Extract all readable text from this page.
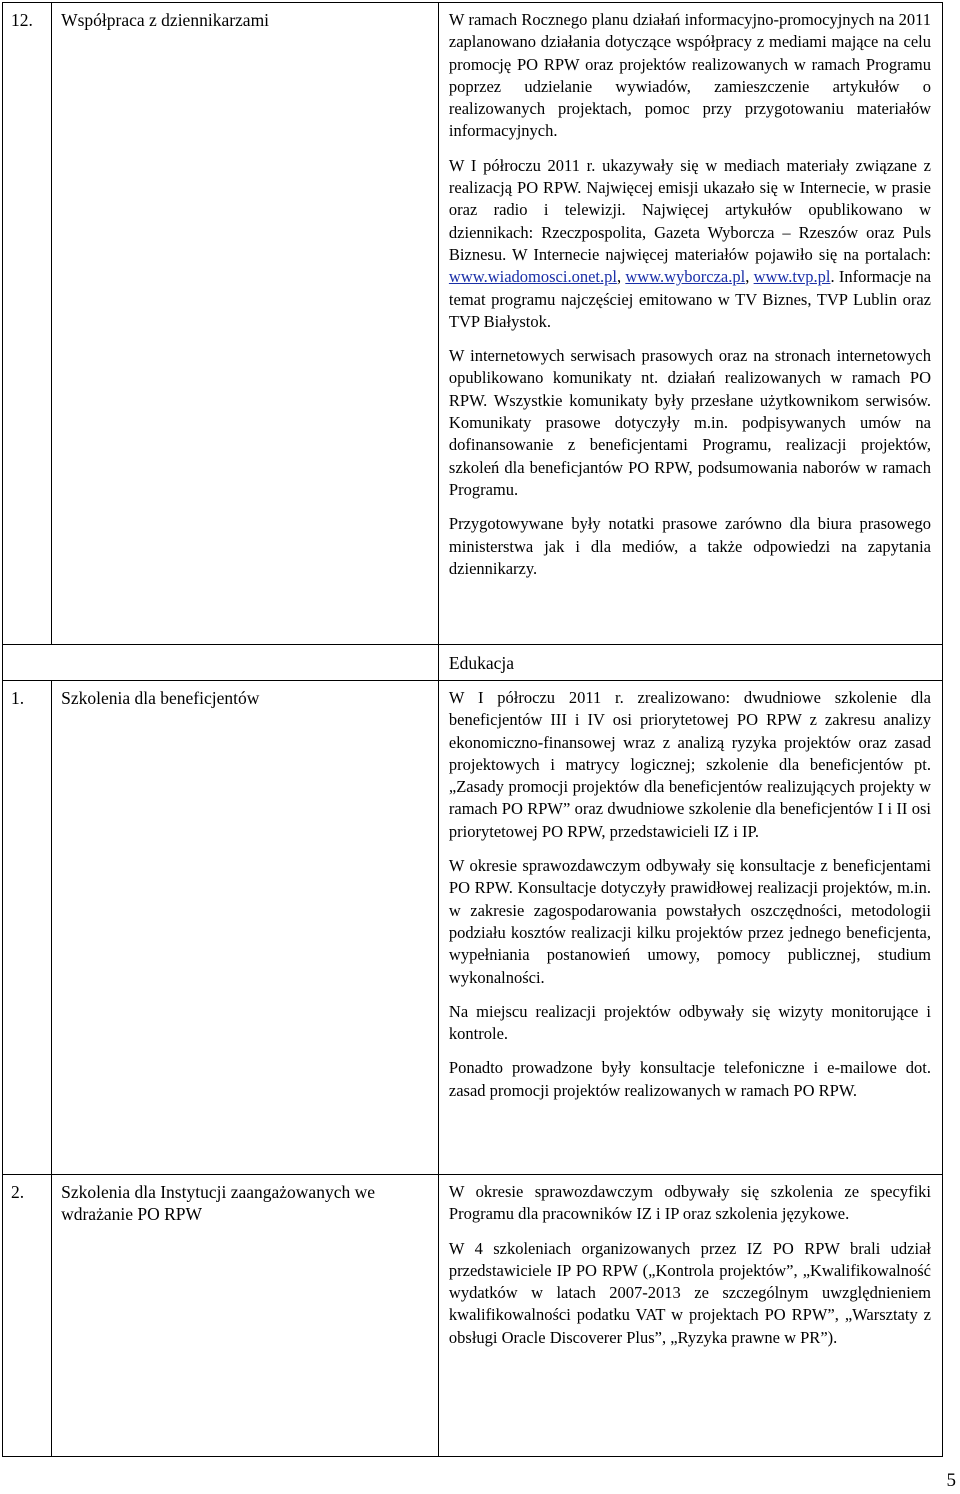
12.	Współpraca z dziennikarzami	W ramach Rocznego planu działań informacyjno-promocyjnych na 2011 zaplanowano działania dotyczące współpracy z mediami mające na celu promocję PO RPW oraz projektów realizowanych w ramach Programu poprzez udzielanie wywiadów, zamieszczenie artykułów o realizowanych projektach, pomoc przy przygotowaniu materiałów informacyjnych.

W I półroczu 2011 r. ukazywały się w mediach materiały związane z realizacją PO RPW. Najwięcej emisji ukazało się w Internecie, w prasie oraz radio i telewizji. Najwięcej artykułów opublikowano w dziennikach: Rzeczpospolita, Gazeta Wyborcza – Rzeszów oraz Puls Biznesu. W Internecie najwięcej materiałów pojawiło się na portalach: www.wiadomosci.onet.pl, www.wyborcza.pl, www.tvp.pl. Informacje na temat programu najczęściej emitowano w TV Biznes, TVP Lublin oraz TVP Białystok.

W internetowych serwisach prasowych oraz na stronach internetowych opublikowano komunikaty nt. działań realizowanych w ramach PO RPW. Wszystkie komunikaty były przesłane użytkownikom serwisów. Komunikaty prasowe dotyczyły m.in. podpisywanych umów na dofinansowanie z beneficjentami Programu, realizacji projektów, szkoleń dla beneficjantów PO RPW, podsumowania naborów w ramach Programu.

Przygotowywane były notatki prasowe zarówno dla biura prasowego ministerstwa jak i dla mediów, a także odpowiedzi na zapytania dziennikarzy.

		Edukacja

1.	Szkolenia dla beneficjentów	W I półroczu 2011 r. zrealizowano: dwudniowe szkolenie dla beneficjentów III i IV osi priorytetowej PO RPW z zakresu analizy ekonomiczno-finansowej wraz z analizą ryzyka projektów oraz zasad projektowych i matrycy logicznej; szkolenie dla beneficjentów pt. „Zasady promocji projektów dla beneficjentów realizujących projekty w ramach PO RPW” oraz dwudniowe szkolenie dla beneficjentów I i II osi priorytetowej PO RPW, przedstawicieli IZ i IP.

W okresie sprawozdawczym odbywały się konsultacje z beneficjentami PO RPW. Konsultacje dotyczyły prawidłowej realizacji projektów, m.in. w zakresie zagospodarowania powstałych oszczędności, metodologii podziału kosztów realizacji kilku projektów przez jednego beneficjenta, wypełniania postanowień umowy, pomocy publicznej, studium wykonalności.

Na miejscu realizacji projektów odbywały się wizyty monitorujące i kontrole.

Ponadto prowadzone były konsultacje telefoniczne i e-mailowe dot. zasad promocji projektów realizowanych w ramach PO RPW.

2.	Szkolenia dla Instytucji zaangażowanych we wdrażanie PO RPW	W okresie sprawozdawczym odbywały się szkolenia ze specyfiki Programu dla pracowników IZ i IP oraz szkolenia językowe.

W 4 szkoleniach organizowanych przez IZ PO RPW brali udział przedstawiciele IP PO RPW („Kontrola projektów”, „Kwalifikowalność wydatków w latach 2007-2013 ze szczególnym uwzględnieniem kwalifikowalności podatku VAT w projektach PO RPW”, „Warsztaty z obsługi Oracle Discoverer Plus”, „Ryzyka prawne w PR”).

5
